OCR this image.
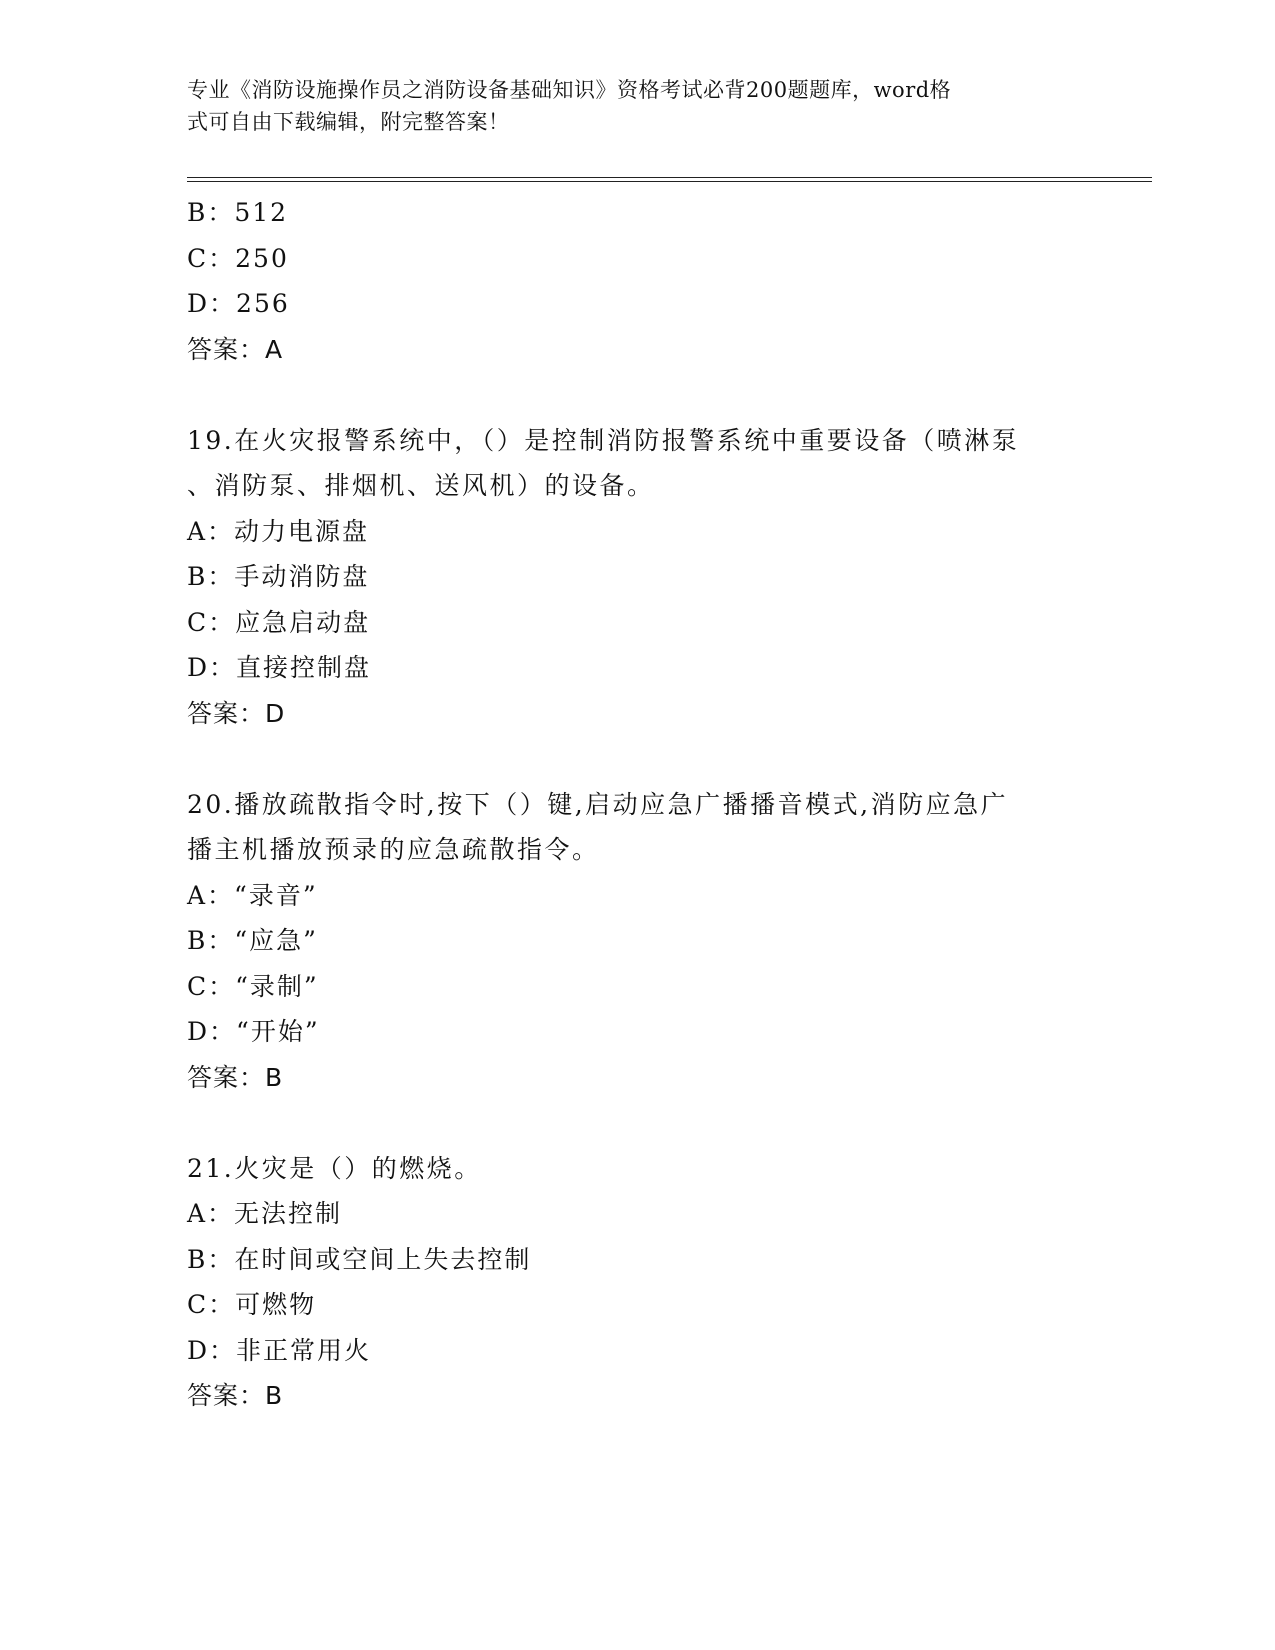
专业《消防设施操作员之消防设备基础知识》资格考试必背200题题库，word格
式可自由下载编辑，附完整答案！
B：512
C：250
D：256
答案：A
19.在火灾报警系统中，（）是控制消防报警系统中重要设备（喷淋泵
、消防泵、排烟机、送风机）的设备。
A：动力电源盘
B：手动消防盘
C：应急启动盘
D：直接控制盘
答案：D
20.播放疏散指令时,按下（）键,启动应急广播播音模式,消防应急广
播主机播放预录的应急疏散指令。
A：“录音”
B：“应急”
C：“录制”
D：“开始”
答案：B
21.火灾是（）的燃烧。
A：无法控制
B：在时间或空间上失去控制
C：可燃物
D：非正常用火
答案：B
